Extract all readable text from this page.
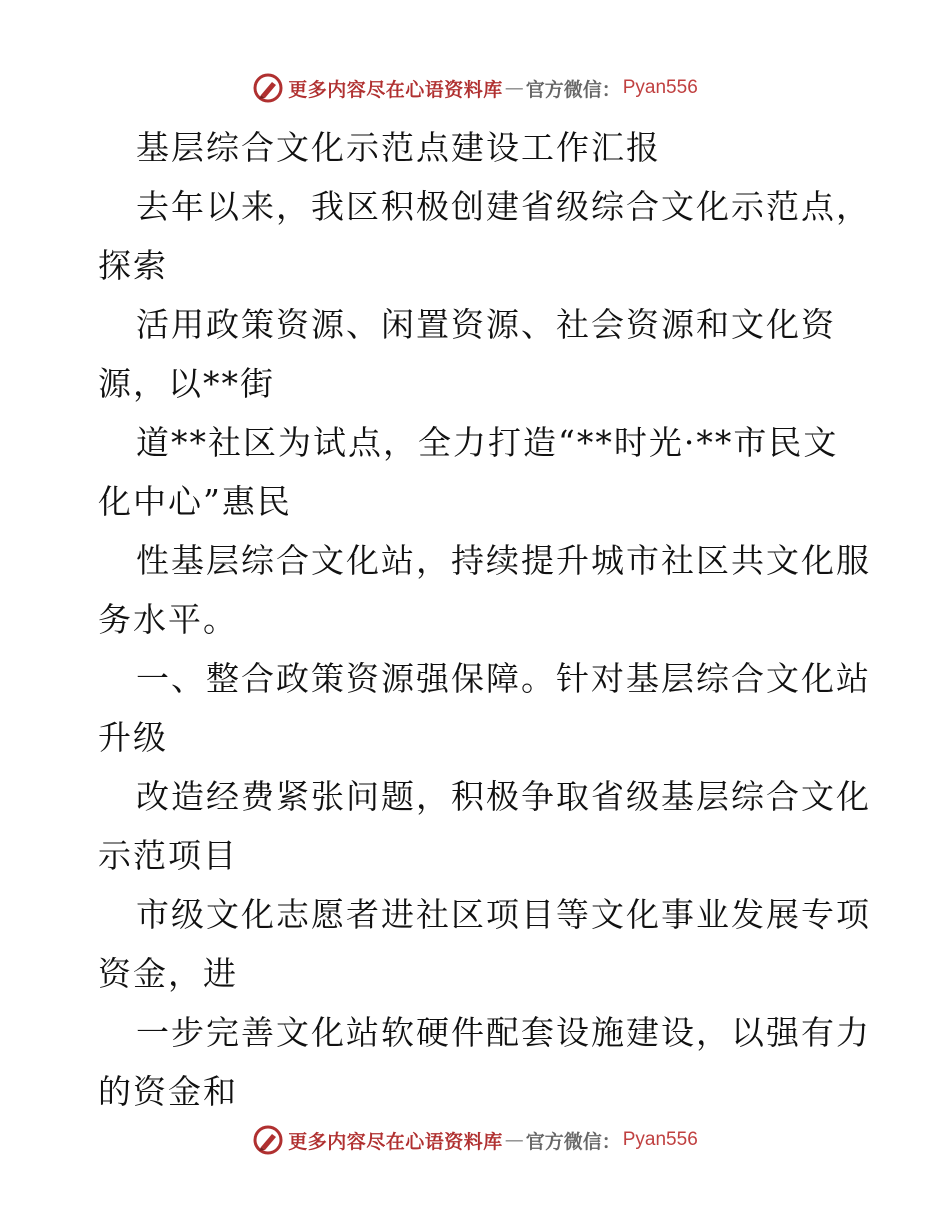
更多内容尽在心语资料库 — 官方微信： Pyan556
基层综合文化示范点建设工作汇报
去年以来，我区积极创建省级综合文化示范点，
探索
活用政策资源、闲置资源、社会资源和文化资
源，以**街
道**社区为试点，全力打造“**时光·**市民文
化中心”惠民
性基层综合文化站，持续提升城市社区共文化服
务水平。
一、整合政策资源强保障。针对基层综合文化站
升级
改造经费紧张问题，积极争取省级基层综合文化
示范项目
市级文化志愿者进社区项目等文化事业发展专项
资金，进
一步完善文化站软硬件配套设施建设，以强有力
的资金和
更多内容尽在心语资料库 — 官方微信： Pyan556
